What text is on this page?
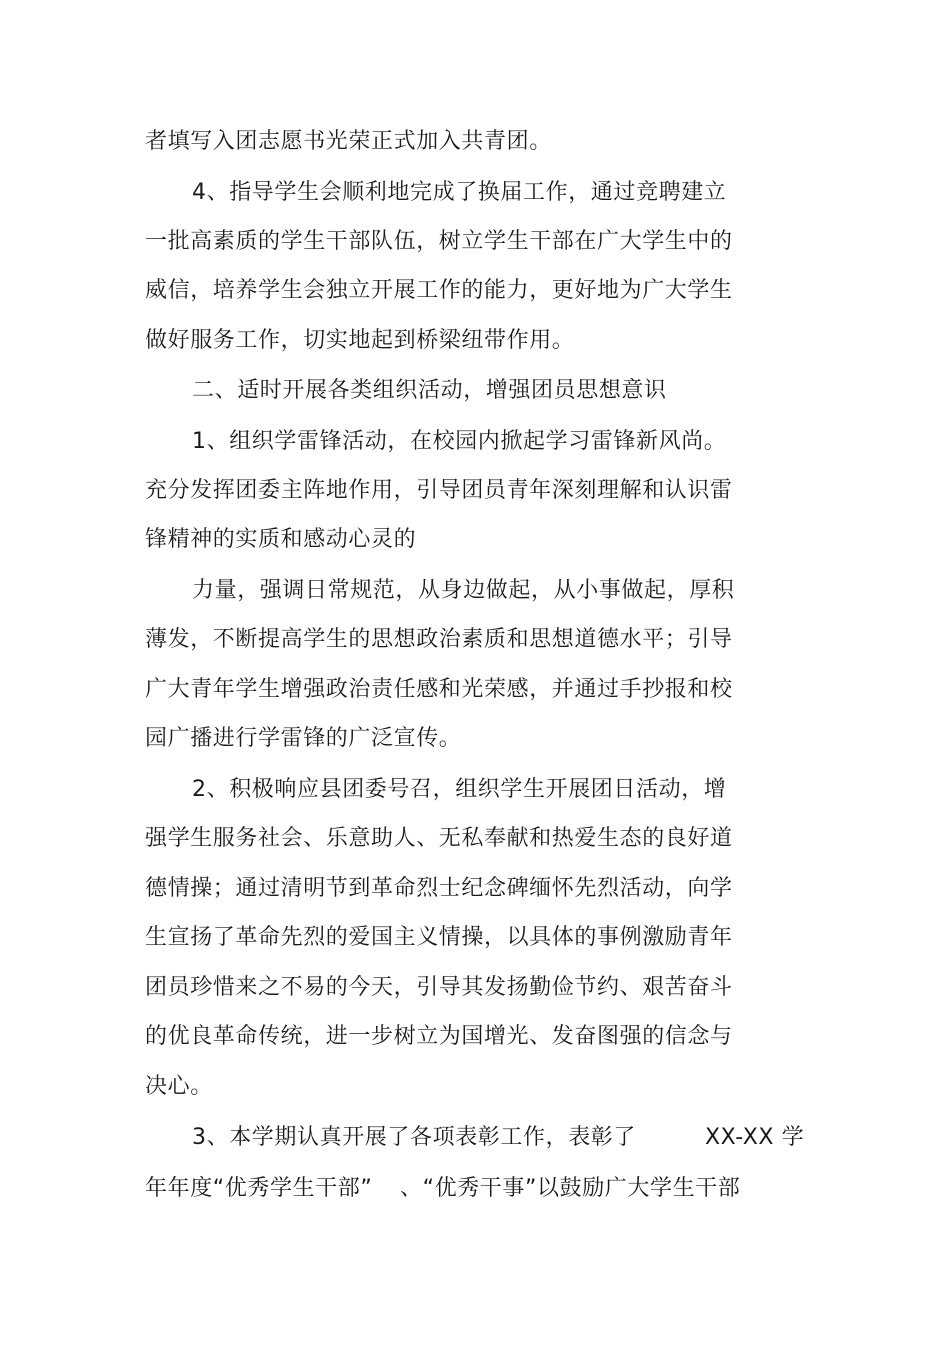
者填写入团志愿书光荣正式加入共青团。
4、指导学生会顺利地完成了换届工作，通过竞聘建立
一批高素质的学生干部队伍，树立学生干部在广大学生中的
威信，培养学生会独立开展工作的能力，更好地为广大学生
做好服务工作，切实地起到桥梁纽带作用。
二、适时开展各类组织活动，增强团员思想意识
1、组织学雷锋活动，在校园内掀起学习雷锋新风尚。
充分发挥团委主阵地作用，引导团员青年深刻理解和认识雷
锋精神的实质和感动心灵的
力量，强调日常规范，从身边做起，从小事做起，厚积
薄发，不断提高学生的思想政治素质和思想道德水平；引导
广大青年学生增强政治责任感和光荣感，并通过手抄报和校
园广播进行学雷锋的广泛宣传。
2、积极响应县团委号召，组织学生开展团日活动，增
强学生服务社会、乐意助人、无私奉献和热爱生态的良好道
德情操；通过清明节到革命烈士纪念碑缅怀先烈活动，向学
生宣扬了革命先烈的爱国主义情操，以具体的事例激励青年
团员珍惜来之不易的今天，引导其发扬勤俭节约、艰苦奋斗
的优良革命传统，进一步树立为国增光、发奋图强的信念与
决心。
3、本学期认真开展了各项表彰工作，表彰了	XX-XX 学
年年度“优秀学生干部” 、“优秀干事”以鼓励广大学生干部
